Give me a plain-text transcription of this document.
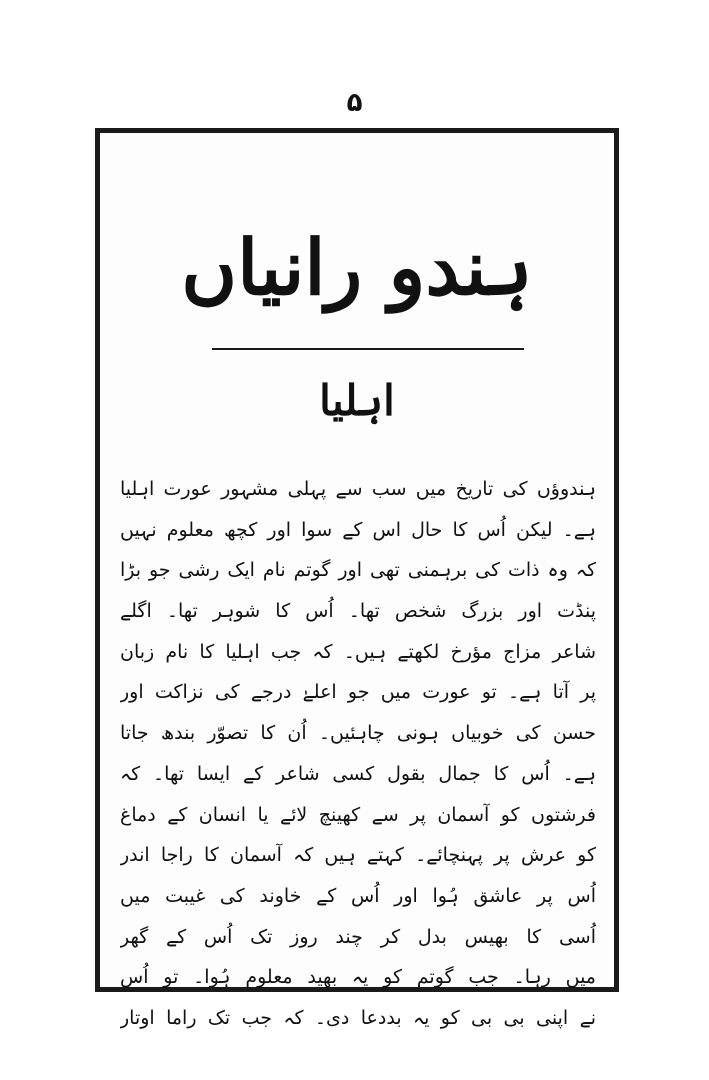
۵
ہندو رانیاں
اہلیا
ہندوؤں کی تاریخ میں سب سے پہلی مشہور عورت اہلیا
ہے۔ لیکن اُس کا حال اس کے سوا اور کچھ معلوم نہیں
کہ وہ ذات کی برہمنی تھی اور گوتم نام ایک رشی جو بڑا
پنڈت اور بزرگ شخص تھا۔ اُس کا شوہر تھا۔ اگلے
شاعر مزاج مؤرخ لکھتے ہیں۔ کہ جب اہلیا کا نام زبان
پر آتا ہے۔ تو عورت میں جو اعلےٰ درجے کی نزاکت اور
حسن کی خوبیاں ہونی چاہئیں۔ اُن کا تصوّر بندھ جاتا
ہے۔ اُس کا جمال بقول کسی شاعر کے ایسا تھا۔ کہ
فرشتوں کو آسمان پر سے کھینچ لائے یا انسان کے دماغ
کو عرش پر پہنچائے۔ کہتے ہیں کہ آسمان کا راجا اندر
اُس پر عاشق ہُوا اور اُس کے خاوند کی غیبت میں
اُسی کا بھیس بدل کر چند روز تک اُس کے گھر
میں رہا۔ جب گوتم کو یہ بھید معلوم ہُوا۔ تو اُس
نے اپنی بی بی کو یہ بددعا دی۔ کہ جب تک راما اوتار
